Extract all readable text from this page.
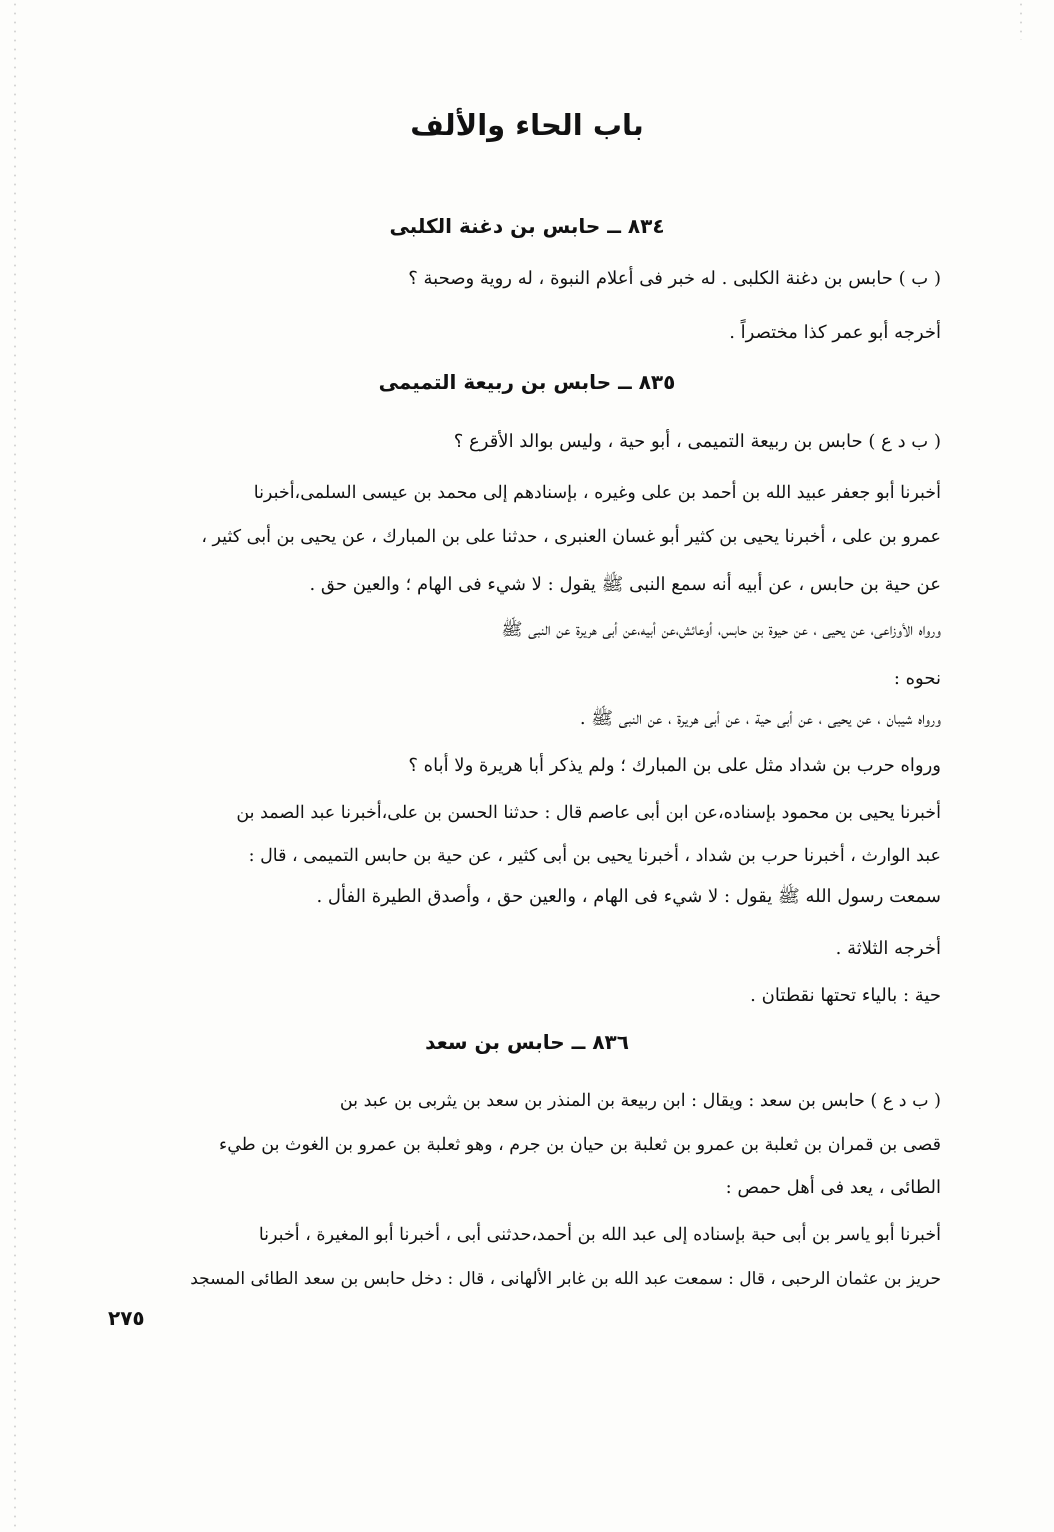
باب الحاء والألف
٨٣٤ ــ حابس بن دغنة الكلبى
( ب ) حابس بن دغنة الكلبى . له خبر فى أعلام النبوة ، له روية وصحبة ؟
أخرجه أبو عمر كذا مختصراً .
٨٣٥ ــ حابس بن ربيعة التميمى
( ب د ع ) حابس بن ربيعة التميمى ، أبو حية ، وليس بوالد الأقرع ؟
أخبرنا أبو جعفر عبيد الله بن أحمد بن على وغيره ، بإسنادهم إلى محمد بن عيسى السلمى،أخبرنا
عمرو بن على ، أخبرنا يحيى بن كثير أبو غسان العنبرى ، حدثنا على بن المبارك ، عن يحيى بن أبى كثير ،
عن حية بن حابس ، عن أبيه أنه سمع النبى ﷺ يقول : لا شيء فى الهام ؛ والعين حق .
ورواه الأوزاعى، عن يحيى ، عن حيوة بن حابس، أوعائش،عن أبيه،عن أبى هريرة عن النبى ﷺ
نحوه :
ورواه شيبان ، عن يحيى ، عن أبى حية ، عن أبى هريرة ، عن النبى ﷺ .
ورواه حرب بن شداد مثل على بن المبارك ؛ ولم يذكر أبا هريرة ولا أباه ؟
أخبرنا يحيى بن محمود بإسناده،عن ابن أبى عاصم قال : حدثنا الحسن بن على،أخبرنا عبد الصمد بن
عبد الوارث ، أخبرنا حرب بن شداد ، أخبرنا يحيى بن أبى كثير ، عن حية بن حابس التميمى ، قال :
سمعت رسول الله ﷺ يقول : لا شيء فى الهام ، والعين حق ، وأصدق الطيرة الفأل .
أخرجه الثلاثة .
حية : بالياء تحتها نقطتان .
٨٣٦ ــ حابس بن سعد
( ب د ع ) حابس بن سعد : ويقال : ابن ربيعة بن المنذر بن سعد بن يثربى بن عبد بن
قصى بن قمران بن ثعلبة بن عمرو بن ثعلبة بن حيان بن جرم ، وهو ثعلبة بن عمرو بن الغوث بن طيء
الطائى ، يعد فى أهل حمص :
أخبرنا أبو ياسر بن أبى حبة بإسناده إلى عبد الله بن أحمد،حدثنى أبى ، أخبرنا أبو المغيرة ، أخبرنا
حريز بن عثمان الرحبى ، قال : سمعت عبد الله بن غابر الألهانى ، قال : دخل حابس بن سعد الطائى المسجد
٢٧٥
